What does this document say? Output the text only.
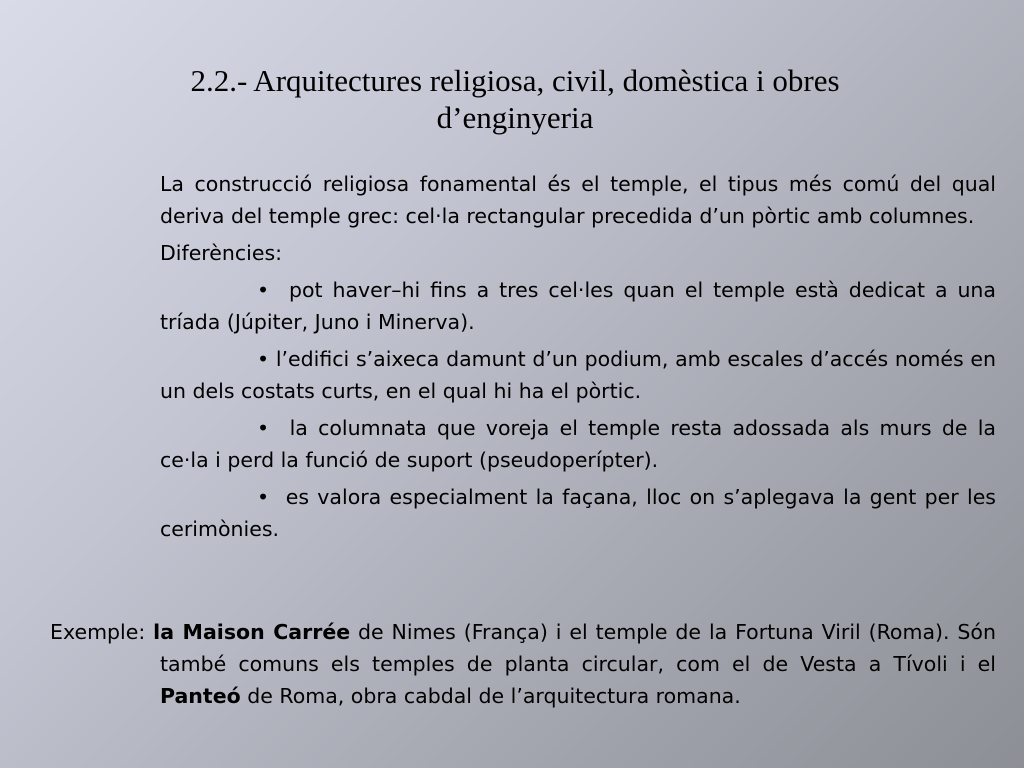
2.2.- Arquitectures religiosa, civil, domèstica i obres d’enginyeria

La construcció religiosa fonamental és el temple, el tipus més comú del qual deriva del temple grec: cel·la rectangular precedida d’un pòrtic amb columnes.

Diferències:

• pot haver–hi fins a tres cel·les quan el temple està dedicat a una tríada (Júpiter, Juno i Minerva).

• l’edifici s’aixeca damunt d’un podium, amb escales d’accés només en un dels costats curts, en el qual hi ha el pòrtic.

• la columnata que voreja el temple resta adossada als murs de la ce·la i perd la funció de suport (pseudoperípter).

• es valora especialment la façana, lloc on s’aplegava la gent per les cerimònies.

Exemple: la Maison Carrée de Nimes (França) i el temple de la Fortuna Viril (Roma). Són també comuns els temples de planta circular, com el de Vesta a Tívoli i el Panteó de Roma, obra cabdal de l’arquitectura romana.
